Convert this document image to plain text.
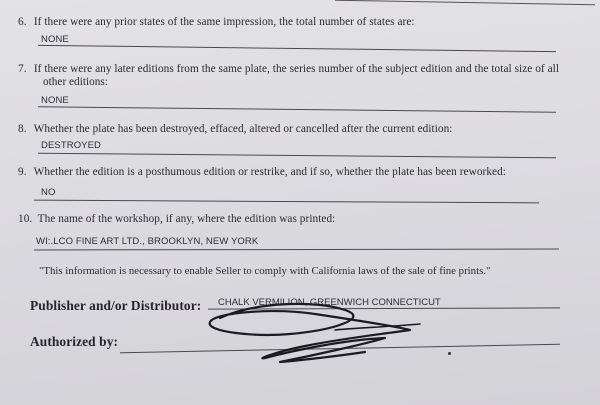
6. If there were any prior states of the same impression, the total number of states are:
NONE
7. If there were any later editions from the same plate, the series number of the subject edition and the total size of all
other editions:
NONE
8. Whether the plate has been destroyed, effaced, altered or cancelled after the current edition:
DESTROYED
9. Whether the edition is a posthumous edition or restrike, and if so, whether the plate has been reworked:
NO
10. The name of the workshop, if any, where the edition was printed:
WI:.LCO FINE ART LTD., BROOKLYN, NEW YORK
"This information is necessary to enable Seller to comply with California laws of the sale of fine prints."
Publisher and/or Distributor: CHALK VERMILION, GREENWICH CONNECTICUT
Authorized by:
